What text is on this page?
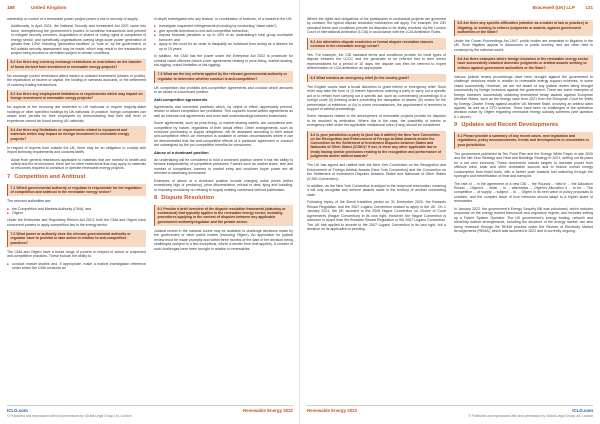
188	United Kingdom

ownership or control of a renewable power project poses a risk to security of supply.

Additionally, in April 2024, the National Security and Investment Act 2021 came into force, strengthening the government's powers to scrutinise transactions and prevent or mitigate security concerns. Acquisitions of shares or voting rights in companies of energy sector, and specifically organisations owning large-scale power generation of greater than 1GW, including "generation facilities" or "sole or" by the government, or fell outside security assessment may be made, which may result in the transaction or project being blocked or permitted subject to certain conditions.

8.2 Are there any currency exchange restrictions or restrictions on the transfer of funds derived from investment in renewable energy projects?

No exchange control restrictions affect inward or outward investment (shares or profits), the repatriation of income or capital, the holding of overseas accounts, or the settlement of currency trading transactions.

8.3 Are there any employment limitations or requirements which may impact on foreign investment in renewable energy projects?

No aspects of the economy are restricted to UK nationals or require majority-stake holdings or other specified holdings by UK nationals. In practice, foreign companies can obtain work permits for their employees by demonstrating that their skill level or experience cannot be found among UK nationals.

8.4 Are there any limitations or requirements related to equipment and materials which may impact on foreign investment in renewable energy projects?

In respect of imports from outside the UK, there may be an obligation to comply with import licensing requirements and customs tariffs.

Aside from general restrictions applicable to materials that are harmful to health and safety and the environment, there are no other restrictions that may apply to materials or resources required to construct or operate renewable energy projects.

7 Competition and Antitrust
7.1 Which governmental authority or regulator is responsible for the regulation of competition and antitrust in the renewable energy sector?

The relevant authorities are:

■ the Competition and Markets Authority (CMA); and
■ Ofgem.

Under the Enterprise and Regulatory Reform Act 2013, both the CMA and Ofgem have concurrent powers to apply competition law in the energy sector.

7.2 What power or authority does the relevant governmental authority or regulator have to prohibit or take action in relation to anti-competitive practices?

The CMA and Ofgem have a broad range of powers in respect of actual or suspected anti-competitive practices. These include the ability to:

■ conduct market studies and, if appropriate, make a market investigation reference under which the CMA conducts an

in-depth investigation into any feature, or combination of features, of a market in the UK;

■ investigate suspected infringements (including by conducting "dawn raids");
■ give specific directions to end anti-competitive behaviour;
■ impose financial penalties of up to 10% of an undertaking's total group worldwide turnover; and
■ apply to the court for an order to disqualify an individual from acting as a director for up to 15 years.

In addition, the CMA has the power under the Enterprise Act 2002 to prosecute for criminal cartel offences (which cover agreements relating to price-fixing, market-sharing, bid-rigging, output limitation or bid-rigging).

7.3 What are the key criteria applied by the relevant governmental authority or regulator to determine whether conduct is anti-competitive?

UK competition law prohibits anti-competitive agreements and conduct which amounts to an abuse of a dominant position.

Anti-competitive agreements

Agreements and concerted practices which, by object or effect, appreciably prevent, restrict or distort competition are prohibited. This captures formal written agreements as well as informal oral agreements and even tacit understandings between businesses.

Some agreements, such as price-fixing, or market-sharing cartels, are considered anti-competitive by nature, regardless of their actual effect. Other arrangements, such as exclusive purchasing or supply obligations, will be assessed according to their actual anti-competitive effect. An exemption is available in certain circumstances where it can be demonstrated that the anti-competitive effects of a particular agreement or conduct are outweighed by the pro-competitive benefits for consumers.

Abuse of a dominant position

An undertaking will be considered to hold a dominant position where it has the ability to behave independently of competitive pressures. Factors such as market share, size and number of competitors, barriers to market entry and customer buyer power are all relevant to assessing dominance.

Examples of abuse of a dominant position include charging unfair prices (either excessively high or predatory), price discrimination, refusal to deal, tying and bundling, or imposing exclusivity on refusing to supply existing customers without justification.

8 Dispute Resolution
8.1 Provide a brief overview of the dispute resolution framework (statutory or contractual) that typically applies in the renewable energy sector, including procedures applying in the context of disputes between any applicable government authority/regulator and the private sector.

Judicial review in the national courts may be available to challenge decisions made by the government or other public bodies (including Ofgem). An application for judicial review must be made promptly and within three months of the date of the decision being challenged (subject to a few exceptions, where a shorter time limit applies). A number of such challenges have been brought in relation to renewables.

ICLG.com	Renewable Energy 2022
© Published and reproduced with kind permission by Global Legal Group Ltd, London
Bracewell (UK) LLP 131

Where the rights and obligations of the participants in contractual projects are governed by contract, the typical dispute resolution mechanism will apply. For example, the CfD standard terms and conditions provide for disputes to be finally resolved via the London Court of International Arbitration (LCIA) in accordance with the LCIA Arbitration Rules.

8.2 Are alternative dispute resolution or formal dispute resolution clauses common in the renewable energy sector?

Yes. For example, the CfD standard terms and conditions provide for most types of dispute between the LCCC and the generator to be referred first to their senior representatives for a period of 10 days; the dispute can then be referred to expert determination or LCIA arbitration as appropriate.

8.3 What remains an emergency relief (in the courts) grant?

The English courts have a broad discretion to grant interim or emergency relief. Such relief may take the form of (i) interim injunctions ordering a party to carry out a specific act or to refrain from carrying out a specific act, such as commencing proceedings in a foreign court; (ii) freezing orders preventing the dissipation of assets; (iii) orders for the preservation of evidence; or (iv) in some circumstances, the appointment of receivers in support of arbitral proceedings.

Some measures related to the development of renewable projects provide for disputes to be resolved by arbitration. Where this is the case, the possibility of interim or emergency relief under the applicable institutional rules (if any) should be considered.

8.4 Is your jurisdiction a party to (and has it ratified) the New York Convention on the Recognition and Enforcement of Foreign Arbitral Awards and/or the Convention on the Settlement of Investment Disputes between States and Nationals of Other States (ICSID)? If not, is there any other applicable law or treaty having similar provisions relating to the recognition and performance of judgments and/or arbitral awards?

The UK has signed and ratified both the New York Convention on the Recognition and Enforcement of Foreign Arbitral Awards (New York Convention) and the Convention on the Settlement of Investment Disputes between States and Nationals of Other States (ICSID Convention).

In addition, as the New York Convention is subject to the reciprocal reservation, meaning it will only recognise and enforce awards made in the territory of another contracting state.

Following expiry of the Brexit transition period on 31 December 2020, the Brussels Recast Regulation and the 2007 Lugano Convention ceased to apply in the UK. On 1 January 2021, the UK acceded to the 2005 Hague Convention on Choice of Court Agreements (Hague Convention) in its own right. However, the Hague Convention is narrower in scope than the Brussels Recast Regulation or the 2007 Lugano Convention. The UK has applied to accede to the 2007 Lugano Convention in its own right, but a decision on its application is pending.

8.5 Are there any specific difficulties (whether as a matter of law or practice) in litigating, or seeking to enforce judgments or awards, against government authorities or the State?

Under the Crown Proceedings Act 1947, public bodies are amenable to litigation in the UK. Such litigation appear in disclosures to public scrutiny, and are often held in contempt by the national courts.

8.6 Are there examples where foreign investors in the renewable energy sector have successfully obtained domestic judgments or arbitral awards seeking to enforce against government authorities or the State?

Various judicial review proceedings have been brought against the government to challenge decisions made in relation to renewable energy support schemes, in some cases successfully. However, we are not aware of any judicial review being brought successfully by foreign investors against the government. There are some examples of foreign investors successfully obtaining investment treaty awards against European Member States, such as the energy case from 2021 from the European Court for Wells by Energy Charter Treaty against another UK Member State, involving an arbitral claim against, as well as a CFD scheme. There have been no challenges of the arbitration decision made by Ofgem regarding renewable energy subsidy schemes (see question 8.1 above).

9 Updates and Recent Developments
9.1 Please provide a summary of any recent cases, new legislation and regulations, policy announcements, trends and developments in renewables in your jurisdiction.

The government published its Ten Point Plan and the Energy White Paper in late 2020 and the Net Zero Strategy and Heat and Buildings Strategy in 2021, setting out its plans for a net zero economy. These documents include targets to increase power from offshore wind, solar and other renewable sources and to reduce overall energy consumption from fossil fuels, with a further push towards fuel switching through the hydrogen and electrification of heat and transport.

The rate of ... in the agreement of a new CfD ... the Rounds ... held in ... the Allocation Round ... Ofgem's ... wider ... in ... alternative ... Ofgem's Allocation 4 ... to be ... The competitive ... of supply ... subject ... to ... Ofgem in its next wave of policy proposals to consider, and the complex issue of how networks should adapt to a higher share of renewables.

In January 2022, the government's Energy Security Bill was introduced, which includes proposals on the energy market framework and regulatory regime, and includes setting up a Future System Operator. The UK government's energy trading, network and electricity market arrangements, including the structure of the energy market, are also being reviewed through the REMA process under the Review of Electricity Market Arrangements (REMA), which was launched in 2022 and is currently ongoing.

Renewable Energy 2022	ICLG.com
© Published and reproduced with kind permission by Global Legal Group Ltd, London
